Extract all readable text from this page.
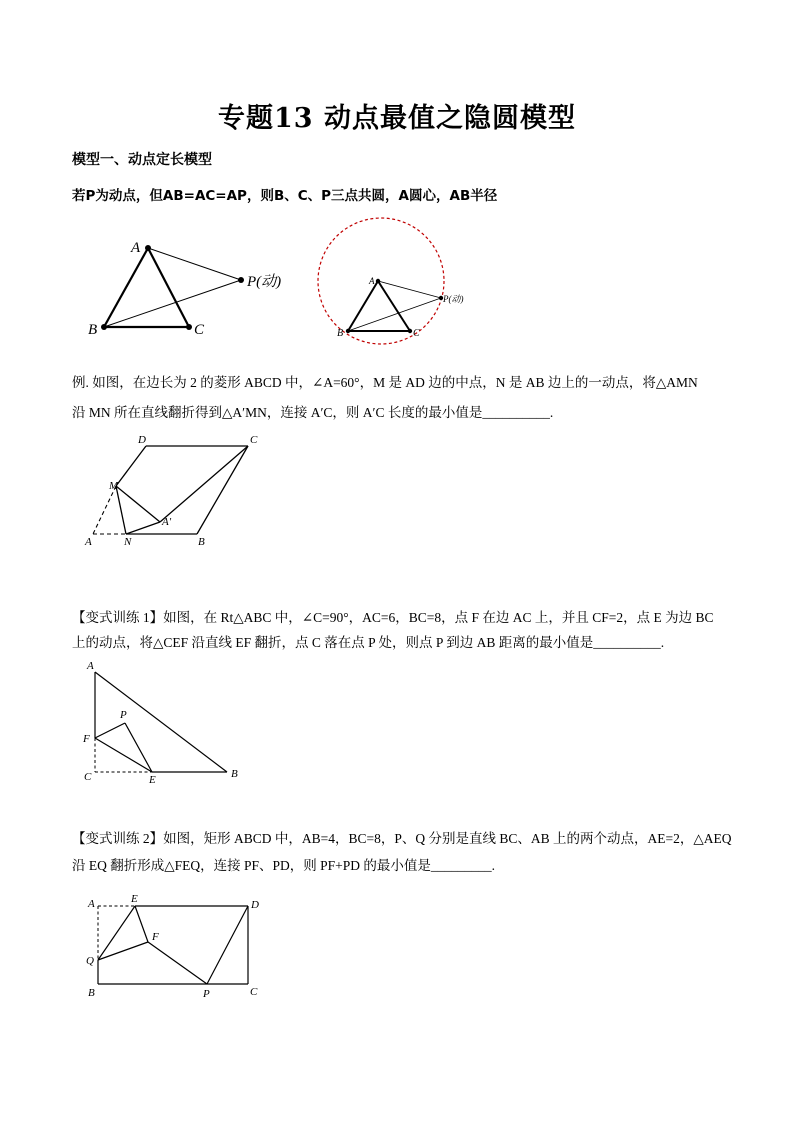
专题13 动点最值之隐圆模型
模型一、动点定长模型
若P为动点，但AB=AC=AP，则B、C、P三点共圆，A圆心，AB半径
A
B	C
P(动)	A
B	C
P(动)
例. 如图，在边长为 2 的菱形 ABCD 中，∠A=60°，M 是 AD 边的中点，N 是 AB 边上的一动点，将△AMN
沿 MN 所在直线翻折得到△A′MN，连接 A′C，则 A′C 长度的最小值是__________.
D	C
M
A′
A	N	B
【变式训练 1】如图，在 Rt△ABC 中，∠C=90°，AC=6，BC=8，点 F 在边 AC 上，并且 CF=2，点 E 为边 BC
上的动点，将△CEF 沿直线 EF 翻折，点 C 落在点 P 处，则点 P 到边 AB 距离的最小值是__________.
A
P
F
C	E	B
【变式训练 2】如图，矩形 ABCD 中，AB=4，BC=8，P、Q 分别是直线 BC、AB 上的两个动点，AE=2，△AEQ
沿 EQ 翻折形成△FEQ，连接 PF、PD，则 PF+PD 的最小值是_________.
A	E	D
F
Q
B	P	C
